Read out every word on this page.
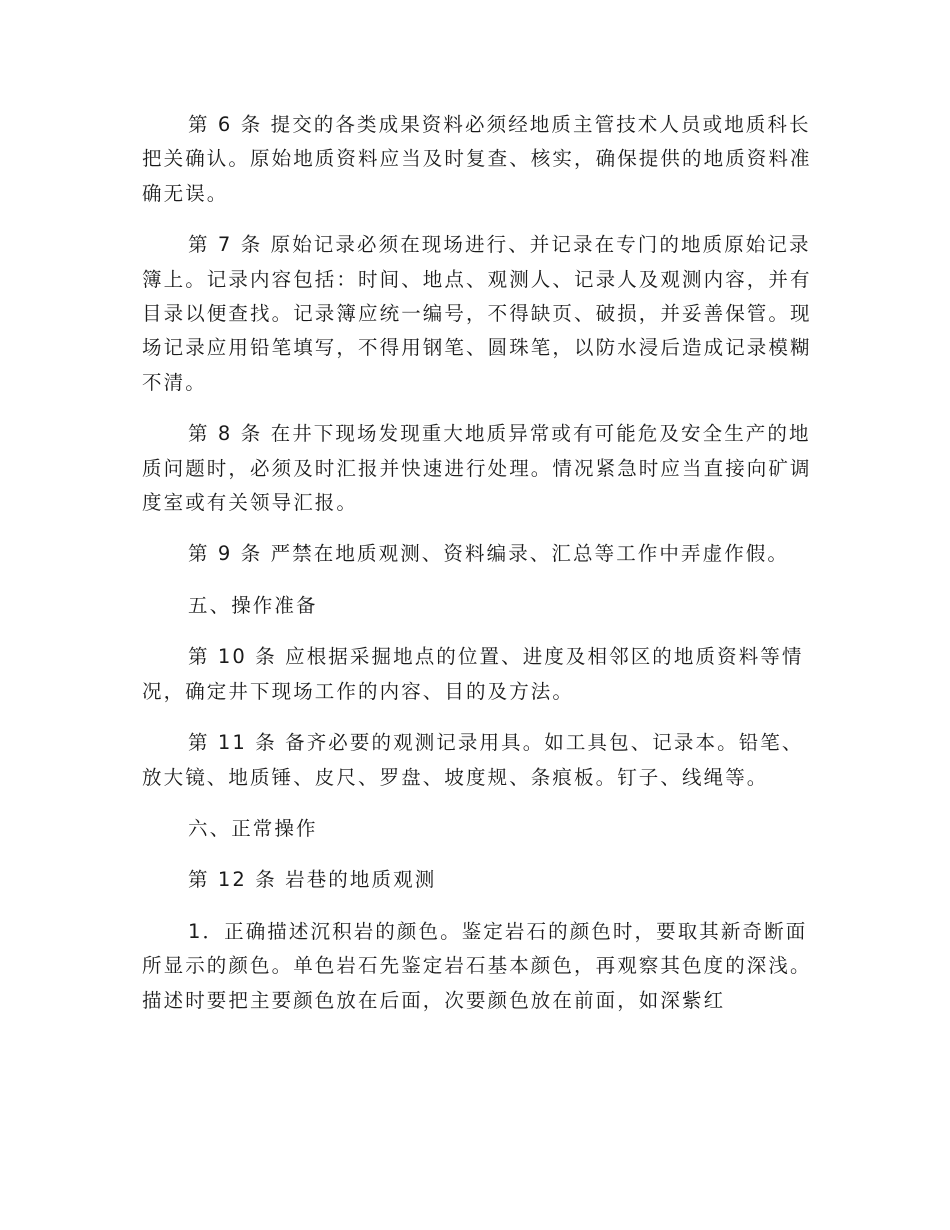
第 6 条 提交的各类成果资料必须经地质主管技术人员或地质科长把关确认。原始地质资料应当及时复查、核实，确保提供的地质资料准确无误。

第 7 条 原始记录必须在现场进行、并记录在专门的地质原始记录簿上。记录内容包括：时间、地点、观测人、记录人及观测内容，并有目录以便查找。记录簿应统一编号，不得缺页、破损，并妥善保管。现场记录应用铅笔填写，不得用钢笔、圆珠笔，以防水浸后造成记录模糊不清。

第 8 条 在井下现场发现重大地质异常或有可能危及安全生产的地质问题时，必须及时汇报并快速进行处理。情况紧急时应当直接向矿调度室或有关领导汇报。

第 9 条 严禁在地质观测、资料编录、汇总等工作中弄虚作假。

五、操作准备

第 10 条 应根据采掘地点的位置、进度及相邻区的地质资料等情况，确定井下现场工作的内容、目的及方法。

第 11 条 备齐必要的观测记录用具。如工具包、记录本。铅笔、放大镜、地质锤、皮尺、罗盘、坡度规、条痕板。钉子、线绳等。

六、正常操作

第 12 条 岩巷的地质观测

1．正确描述沉积岩的颜色。鉴定岩石的颜色时，要取其新奇断面所显示的颜色。单色岩石先鉴定岩石基本颜色，再观察其色度的深浅。描述时要把主要颜色放在后面，次要颜色放在前面，如深紫红
